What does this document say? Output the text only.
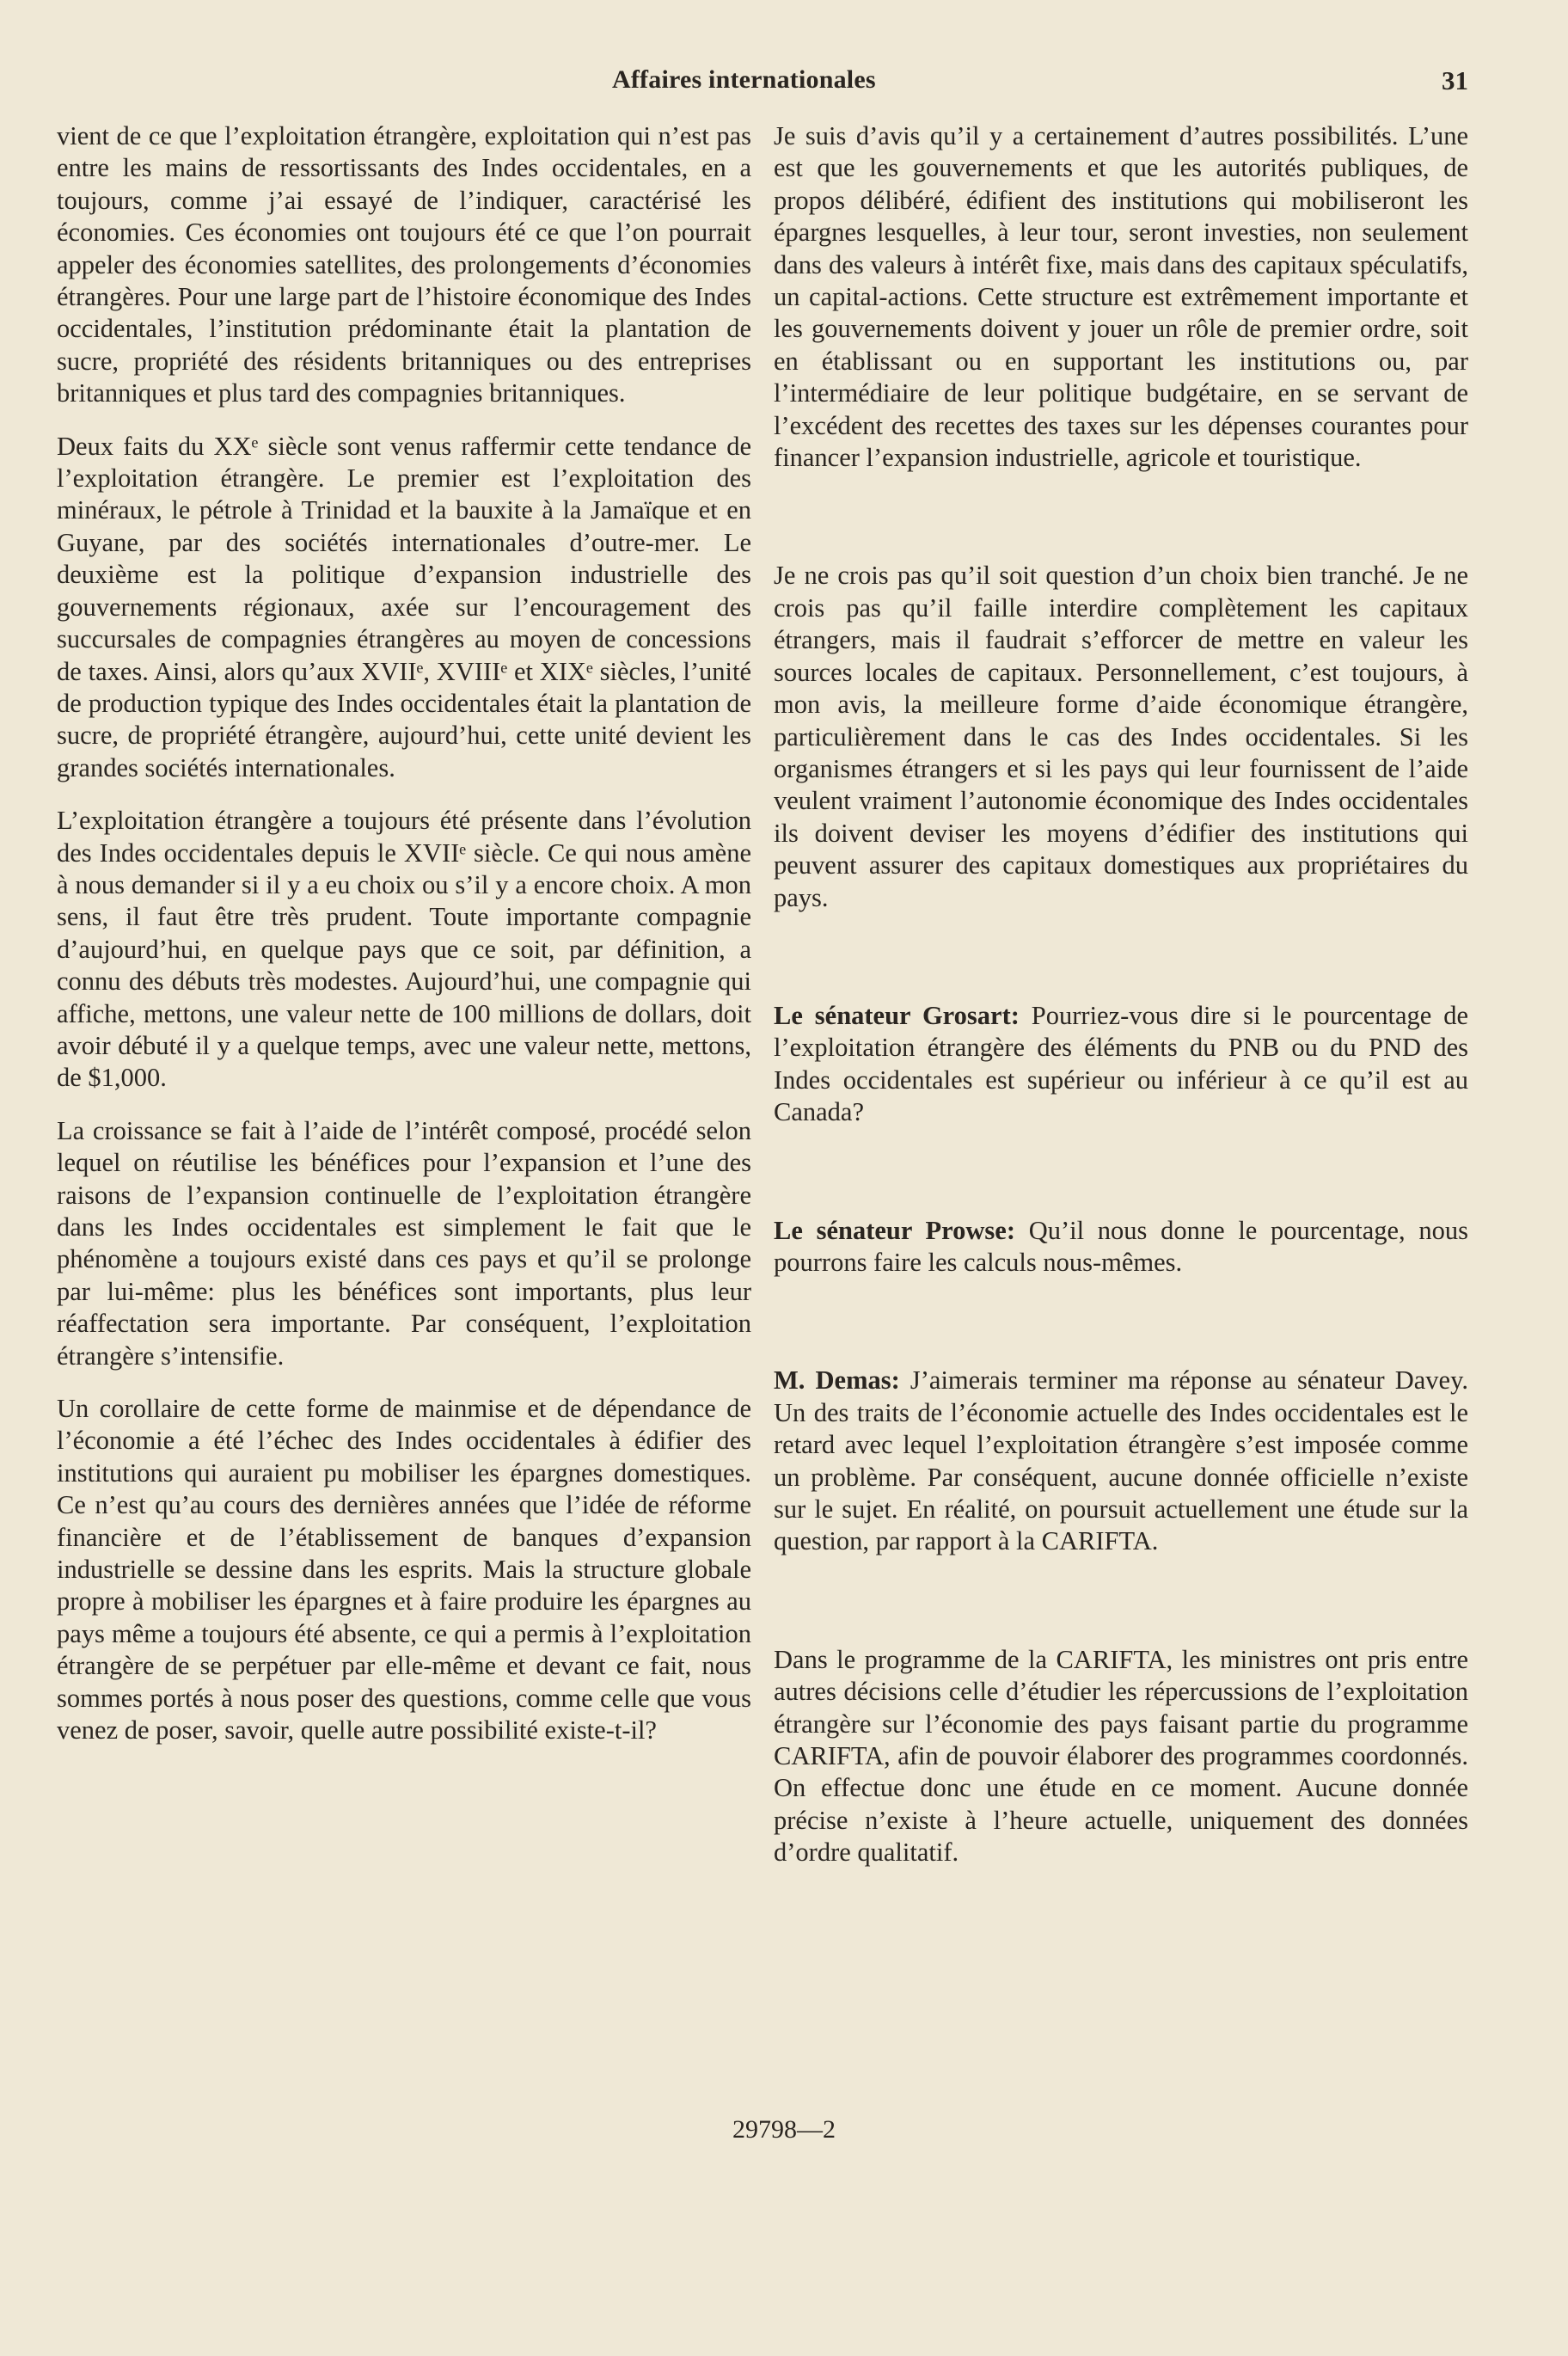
Affaires internationales	31

vient de ce que l’exploitation étrangère, exploitation qui n’est pas entre les mains de ressortissants des Indes occidentales, en a toujours, comme j’ai essayé de l’indiquer, caractérisé les économies. Ces économies ont toujours été ce que l’on pourrait appeler des économies satellites, des prolongements d’économies étrangères. Pour une large part de l’histoire économique des Indes occidentales, l’institution prédominante était la plantation de sucre, propriété des résidents britanniques ou des entreprises britanniques et plus tard des compagnies britanniques.

Deux faits du XXᵉ siècle sont venus raffermir cette tendance de l’exploitation étrangère. Le premier est l’exploitation des minéraux, le pétrole à Trinidad et la bauxite à la Jamaïque et en Guyane, par des sociétés internationales d’outre-mer. Le deuxième est la politique d’expansion industrielle des gouvernements régionaux, axée sur l’encouragement des succursales de compagnies étrangères au moyen de concessions de taxes. Ainsi, alors qu’aux XVIIᵉ, XVIIIᵉ et XIXᵉ siècles, l’unité de production typique des Indes occidentales était la plantation de sucre, de propriété étrangère, aujourd’hui, cette unité devient les grandes sociétés internationales.

L’exploitation étrangère a toujours été présente dans l’évolution des Indes occidentales depuis le XVIIᵉ siècle. Ce qui nous amène à nous demander si il y a eu choix ou s’il y a encore choix. A mon sens, il faut être très prudent. Toute importante compagnie d’aujourd’hui, en quelque pays que ce soit, par définition, a connu des débuts très modestes. Aujourd’hui, une compagnie qui affiche, mettons, une valeur nette de 100 millions de dollars, doit avoir débuté il y a quelque temps, avec une valeur nette, mettons, de $1,000.

La croissance se fait à l’aide de l’intérêt composé, procédé selon lequel on réutilise les bénéfices pour l’expansion et l’une des raisons de l’expansion continuelle de l’exploitation étrangère dans les Indes occidentales est simplement le fait que le phénomène a toujours existé dans ces pays et qu’il se prolonge par lui-même: plus les bénéfices sont importants, plus leur réaffectation sera importante. Par conséquent, l’exploitation étrangère s’intensifie.

Un corollaire de cette forme de mainmise et de dépendance de l’économie a été l’échec des Indes occidentales à édifier des institutions qui auraient pu mobiliser les épargnes domestiques. Ce n’est qu’au cours des dernières années que l’idée de réforme financière et de l’établissement de banques d’expansion industrielle se dessine dans les esprits. Mais la structure globale propre à mobiliser les épargnes et à faire produire les épargnes au pays même a toujours été absente, ce qui a permis à l’exploitation étrangère de se perpétuer par elle-même et devant ce fait, nous sommes portés à nous poser des questions, comme celle que vous venez de poser, savoir, quelle autre possibilité existe-t-il?

Je suis d’avis qu’il y a certainement d’autres possibilités. L’une est que les gouvernements et que les autorités publiques, de propos délibéré, édifient des institutions qui mobiliseront les épargnes lesquelles, à leur tour, seront investies, non seulement dans des valeurs à intérêt fixe, mais dans des capitaux spéculatifs, un capital-actions. Cette structure est extrêmement importante et les gouvernements doivent y jouer un rôle de premier ordre, soit en établissant ou en supportant les institutions ou, par l’intermédiaire de leur politique budgétaire, en se servant de l’excédent des recettes des taxes sur les dépenses courantes pour financer l’expansion industrielle, agricole et touristique.

Je ne crois pas qu’il soit question d’un choix bien tranché. Je ne crois pas qu’il faille interdire complètement les capitaux étrangers, mais il faudrait s’efforcer de mettre en valeur les sources locales de capitaux. Personnellement, c’est toujours, à mon avis, la meilleure forme d’aide économique étrangère, particulièrement dans le cas des Indes occidentales. Si les organismes étrangers et si les pays qui leur fournissent de l’aide veulent vraiment l’autonomie économique des Indes occidentales ils doivent deviser les moyens d’édifier des institutions qui peuvent assurer des capitaux domestiques aux propriétaires du pays.

Le sénateur Grosart: Pourriez-vous dire si le pourcentage de l’exploitation étrangère des éléments du PNB ou du PND des Indes occidentales est supérieur ou inférieur à ce qu’il est au Canada?

Le sénateur Prowse: Qu’il nous donne le pourcentage, nous pourrons faire les calculs nous-mêmes.

M. Demas: J’aimerais terminer ma réponse au sénateur Davey. Un des traits de l’économie actuelle des Indes occidentales est le retard avec lequel l’exploitation étrangère s’est imposée comme un problème. Par conséquent, aucune donnée officielle n’existe sur le sujet. En réalité, on poursuit actuellement une étude sur la question, par rapport à la CARIFTA.

Dans le programme de la CARIFTA, les ministres ont pris entre autres décisions celle d’étudier les répercussions de l’exploitation étrangère sur l’économie des pays faisant partie du programme CARIFTA, afin de pouvoir élaborer des programmes coordonnés. On effectue donc une étude en ce moment. Aucune donnée précise n’existe à l’heure actuelle, uniquement des données d’ordre qualitatif.

29798—2
